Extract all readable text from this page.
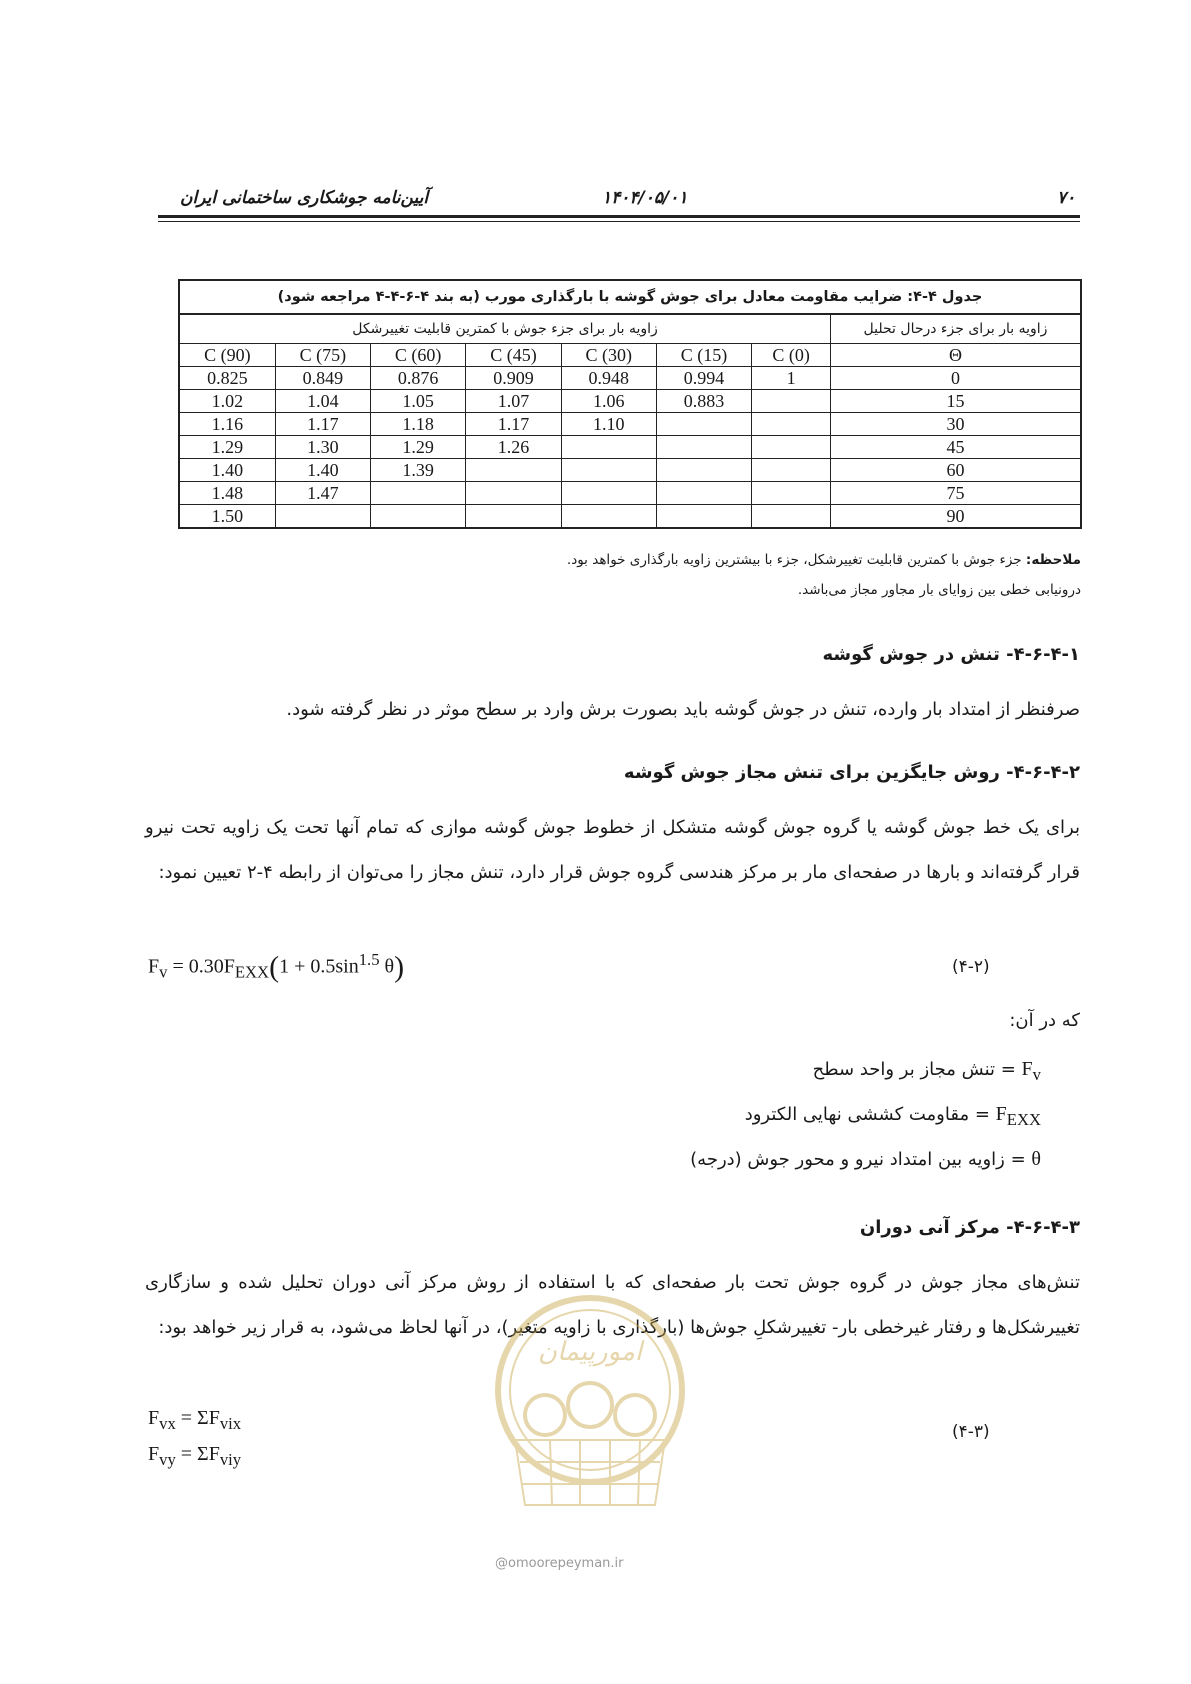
۷۰
۱۴۰۴/۰۵/۰۱
آیین‌نامه جوشکاری ساختمانی ایران
جدول ۴-۴: ضرایب مقاومت معادل برای جوش گوشه با بارگذاری مورب (به بند ۴-۶-۴-۴ مراجعه شود)							
زاویه بار برای جزء جوش با کمترین قابلیت تغییرشکل							زاویه بار برای جزء درحال تحلیل
C (90)	C (75)	C (60)	C (45)	C (30)	C (15)	C (0)	Θ
0.825	0.849	0.876	0.909	0.948	0.994	1	0
1.02	1.04	1.05	1.07	1.06	0.883		15
1.16	1.17	1.18	1.17	1.10			30
1.29	1.30	1.29	1.26				45
1.40	1.40	1.39					60
1.48	1.47						75
1.50							90
ملاحظه: جزء جوش با کمترین قابلیت تغییرشکل، جزء با بیشترین زاویه بارگذاری خواهد بود.
درونیابی خطی بین زوایای بار مجاور مجاز می‌باشد.
۴-۶-۴-۱- تنش در جوش گوشه
صرفنظر از امتداد بار وارده، تنش در جوش گوشه باید بصورت برش وارد بر سطح موثر در نظر گرفته شود.
۴-۶-۴-۲- روش جایگزین برای تنش مجاز جوش گوشه
برای یک خط جوش گوشه یا گروه جوش گوشه متشکل از خطوط جوش گوشه موازی که تمام آنها تحت یک زاویه تحت نیرو قرار گرفته‌اند و بارها در صفحه‌ای مار بر مرکز هندسی گروه جوش قرار دارد، تنش مجاز را می‌توان از رابطه ۴-۲ تعیین نمود:
$F_v = 0.30F_{EXX}(1 + 0.5\sin^{1.5}$ θ)	(۴-۲)
که در آن:
$F_v$ = تنش مجاز بر واحد سطح
$F_{EXX}$ = مقاومت کششی نهایی الکترود
θ = زاویه بین امتداد نیرو و محور جوش (درجه)
۴-۶-۴-۳- مرکز آنی دوران
تنش‌های مجاز جوش در گروه جوش تحت بار صفحه‌ای که با استفاده از روش مرکز آنی دوران تحلیل شده و سازگاری تغییرشکل‌ها و رفتار غیرخطی بار- تغییرشکلِ جوش‌ها (بارگذاری با زاویه متغیر)، در آنها لحاظ می‌شود، به قرار زیر خواهد بود:
$F_{vx} = \Sigma F_{vix}$
$F_{vy} = \Sigma F_{viy}$
(۴-۳)
امورپیمان
@omoorepeyman.ir
